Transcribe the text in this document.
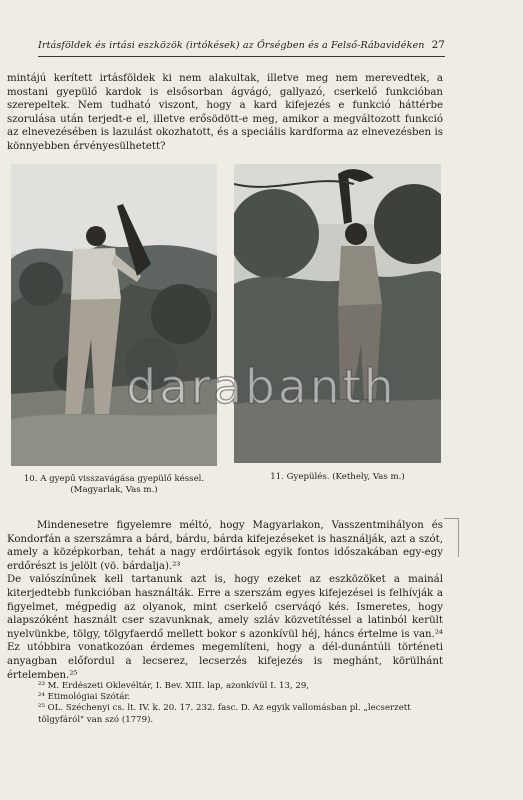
Irtásföldek és irtási eszközök (irtókések) az Őrségben és a Felső-Rábavidéken 27

mintájú kerített irtásföldek ki nem alakultak, illetve meg nem merevedtek, a mostani gyepülő kardok is elsősorban ágvágó, gallyazó, cserkelő funkcióban szerepeltek. Nem tudható viszont, hogy a kard kifejezés e funkció háttérbe szorulása után terjedt-e el, illetve erősödött-e meg, amikor a megváltozott funkció az elnevezésében is lazulást okozhatott, és a speciális kardforma az elnevezésben is könnyebben érvényesülhetett?

10. A gyepű visszavágása gyepülő késsel.
(Magyarlak, Vas m.)
11. Gyepülés. (Kethely, Vas m.)

Mindenesetre figyelemre méltó, hogy Magyarlakon, Vasszentmihályon és Kondorfán a szerszámra a bárd, bárdu, bárda kifejezéseket is használják, azt a szót, amely a középkorban, tehát a nagy erdőirtások egyik fontos időszakában egy-egy erdőrészt is jelölt (vö. bárdalja).²³

De valószínűnek kell tartanunk azt is, hogy ezeket az eszközöket a mainál kiterjedtebb funkcióban használták. Erre a szerszám egyes kifejezései is felhívják a figyelmet, mégpedig az olyanok, mint cserkelő cserváqó kés. Ismeretes, hogy alapszóként használt cser szavunknak, amely szláv közvetítéssel a latinból került nyelvünkbe, tölgy, tölgyfaerdő mellett bokor s azonkívül héj, háncs értelme is van.²⁴ Ez utóbbira vonatkozóan érdemes megemlíteni, hogy a dél-dunántúli történeti anyagban előfordul a lecserez, lecserzés kifejezés is meghánt, körülhánt értelemben.²⁵

²³ M. Erdészeti Oklevéltár, I. Bev. XIII. lap, azonkívül I. 13, 29,

²⁴ Etimológiai Szótár.

²⁵ OL. Széchenyi cs. lt. IV. k. 20. 17. 232. fasc. D. Az egyik vallomásban pl. „lecserzett tölgyfáról" van szó (1779).

darabanth
